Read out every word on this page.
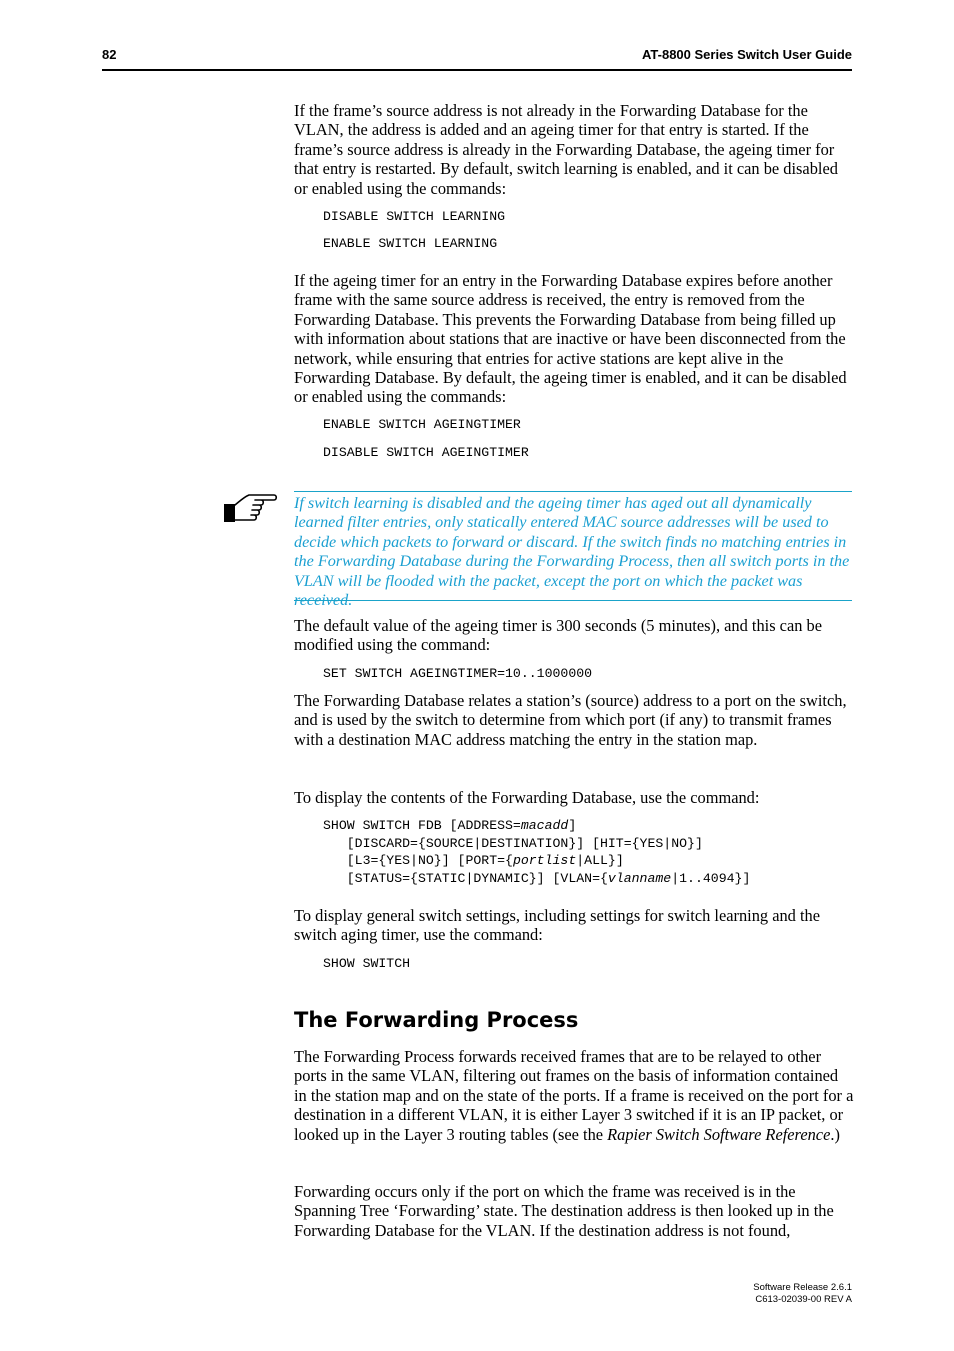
82	AT-8800 Series Switch User Guide

If the frame’s source address is not already in the Forwarding Database for the VLAN, the address is added and an ageing timer for that entry is started. If the frame’s source address is already in the Forwarding Database, the ageing timer for that entry is restarted. By default, switch learning is enabled, and it can be disabled or enabled using the commands:

DISABLE SWITCH LEARNING
ENABLE SWITCH LEARNING

If the ageing timer for an entry in the Forwarding Database expires before another frame with the same source address is received, the entry is removed from the Forwarding Database. This prevents the Forwarding Database from being filled up with information about stations that are inactive or have been disconnected from the network, while ensuring that entries for active stations are kept alive in the Forwarding Database. By default, the ageing timer is enabled, and it can be disabled or enabled using the commands:

ENABLE SWITCH AGEINGTIMER
DISABLE SWITCH AGEINGTIMER

If switch learning is disabled and the ageing timer has aged out all dynamically learned filter entries, only statically entered MAC source addresses will be used to decide which packets to forward or discard. If the switch finds no matching entries in the Forwarding Database during the Forwarding Process, then all switch ports in the VLAN will be flooded with the packet, except the port on which the packet was received.

The default value of the ageing timer is 300 seconds (5 minutes), and this can be modified using the command:

SET SWITCH AGEINGTIMER=10..1000000

The Forwarding Database relates a station’s (source) address to a port on the switch, and is used by the switch to determine from which port (if any) to transmit frames with a destination MAC address matching the entry in the station map.

To display the contents of the Forwarding Database, use the command:

SHOW SWITCH FDB [ADDRESS=macadd]
[DISCARD={SOURCE|DESTINATION}] [HIT={YES|NO}]
[L3={YES|NO}] [PORT={portlist|ALL}]
[STATUS={STATIC|DYNAMIC}] [VLAN={vlanname|1..4094}]

To display general switch settings, including settings for switch learning and the switch aging timer, use the command:

SHOW SWITCH
The Forwarding Process

The Forwarding Process forwards received frames that are to be relayed to other ports in the same VLAN, filtering out frames on the basis of information contained in the station map and on the state of the ports. If a frame is received on the port for a destination in a different VLAN, it is either Layer 3 switched if it is an IP packet, or looked up in the Layer 3 routing tables (see the Rapier Switch Software Reference.)

Forwarding occurs only if the port on which the frame was received is in the Spanning Tree ‘Forwarding’ state. The destination address is then looked up in the Forwarding Database for the VLAN. If the destination address is not found,

Software Release 2.6.1
C613-02039-00 REV A
